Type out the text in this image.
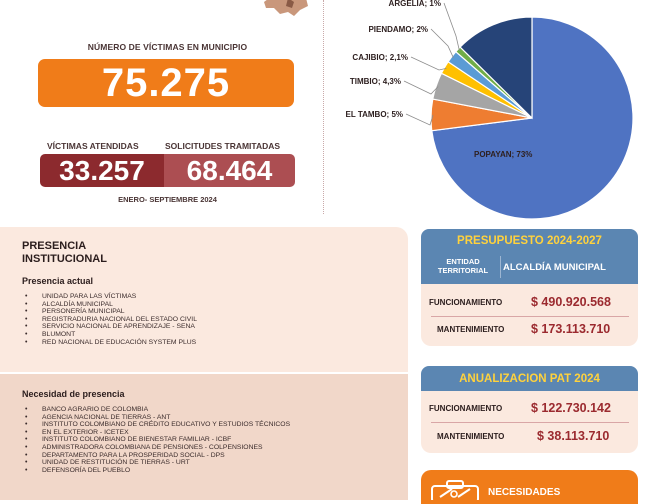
NÚMERO DE VÍCTIMAS EN MUNICIPIO
75.275
VÍCTIMAS ATENDIDAS	SOLICITUDES TRAMITADAS
33.257	68.464
ENERO- SEPTIEMBRE 2024
POPAYAN; 73%
EL TAMBO; 5%
TIMBIO; 4,3%
CAJIBIO; 2,1%
PIENDAMO; 2%
ARGELIA; 1%
PRESENCIA
INSTITUCIONAL
Presencia actual
• UNIDAD PARA LAS VÍCTIMAS
• ALCALDÍA MUNICIPAL
• PERSONERÍA MUNICIPAL
• REGISTRADURIA NACIONAL DEL ESTADO CIVIL
• SERVICIO NACIONAL DE APRENDIZAJE - SENA
• BLUMONT
• RED NACIONAL DE EDUCACIÓN SYSTEM PLUS
Necesidad de presencia
• BANCO AGRARIO DE COLOMBIA
• AGENCIA NACIONAL DE TIERRAS - ANT
• INSTITUTO COLOMBIANO DE CRÉDITO EDUCATIVO Y ESTUDIOS TÉCNICOS
• EN EL EXTERIOR - ICETEX
• INSTITUTO COLOMBIANO DE BIENESTAR FAMILIAR - ICBF
• ADMINISTRADORA COLOMBIANA DE PENSIONES - COLPENSIONES
• DEPARTAMENTO PARA LA PROSPERIDAD SOCIAL - DPS
• UNIDAD DE RESTITUCIÓN DE TIERRAS - URT
• DEFENSORÍA DEL PUEBLO
PRESUPUESTO 2024-2027
ENTIDAD TERRITORIAL	ALCALDÍA MUNICIPAL
FUNCIONAMIENTO $ 490.920.568
MANTENIMIENTO $ 173.113.710
ANUALIZACION PAT 2024
FUNCIONAMIENTO $ 122.730.142
MANTENIMIENTO	$ 38.113.710
NECESIDADES
